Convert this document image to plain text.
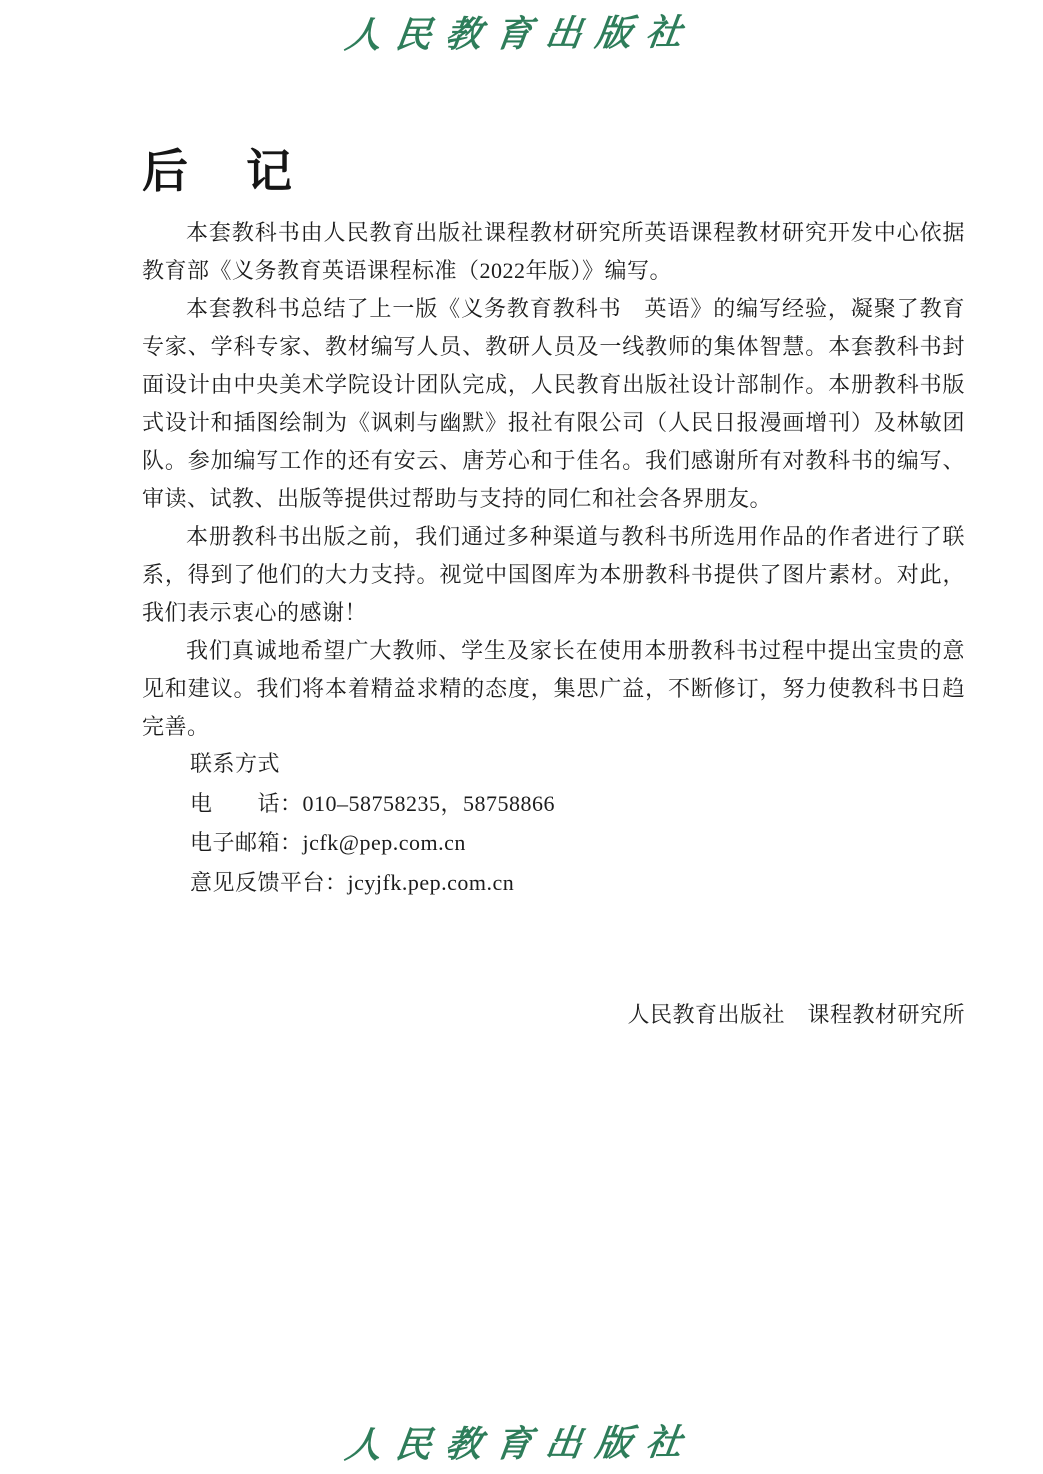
人民教育出版社
后　记

本套教科书由人民教育出版社课程教材研究所英语课程教材研究开发中心依据教育部《义务教育英语课程标准（2022年版）》编写。

本套教科书总结了上一版《义务教育教科书　英语》的编写经验，凝聚了教育专家、学科专家、教材编写人员、教研人员及一线教师的集体智慧。本套教科书封面设计由中央美术学院设计团队完成，人民教育出版社设计部制作。本册教科书版式设计和插图绘制为《讽刺与幽默》报社有限公司（人民日报漫画增刊）及林敏团队。参加编写工作的还有安云、唐芳心和于佳名。我们感谢所有对教科书的编写、审读、试教、出版等提供过帮助与支持的同仁和社会各界朋友。

本册教科书出版之前，我们通过多种渠道与教科书所选用作品的作者进行了联系，得到了他们的大力支持。视觉中国图库为本册教科书提供了图片素材。对此，我们表示衷心的感谢！

我们真诚地希望广大教师、学生及家长在使用本册教科书过程中提出宝贵的意见和建议。我们将本着精益求精的态度，集思广益，不断修订，努力使教科书日趋完善。

联系方式
电　　话：010–58758235，58758866
电子邮箱：jcfk@pep.com.cn
意见反馈平台：jcyjfk.pep.com.cn
人民教育出版社　课程教材研究所
人民教育出版社
